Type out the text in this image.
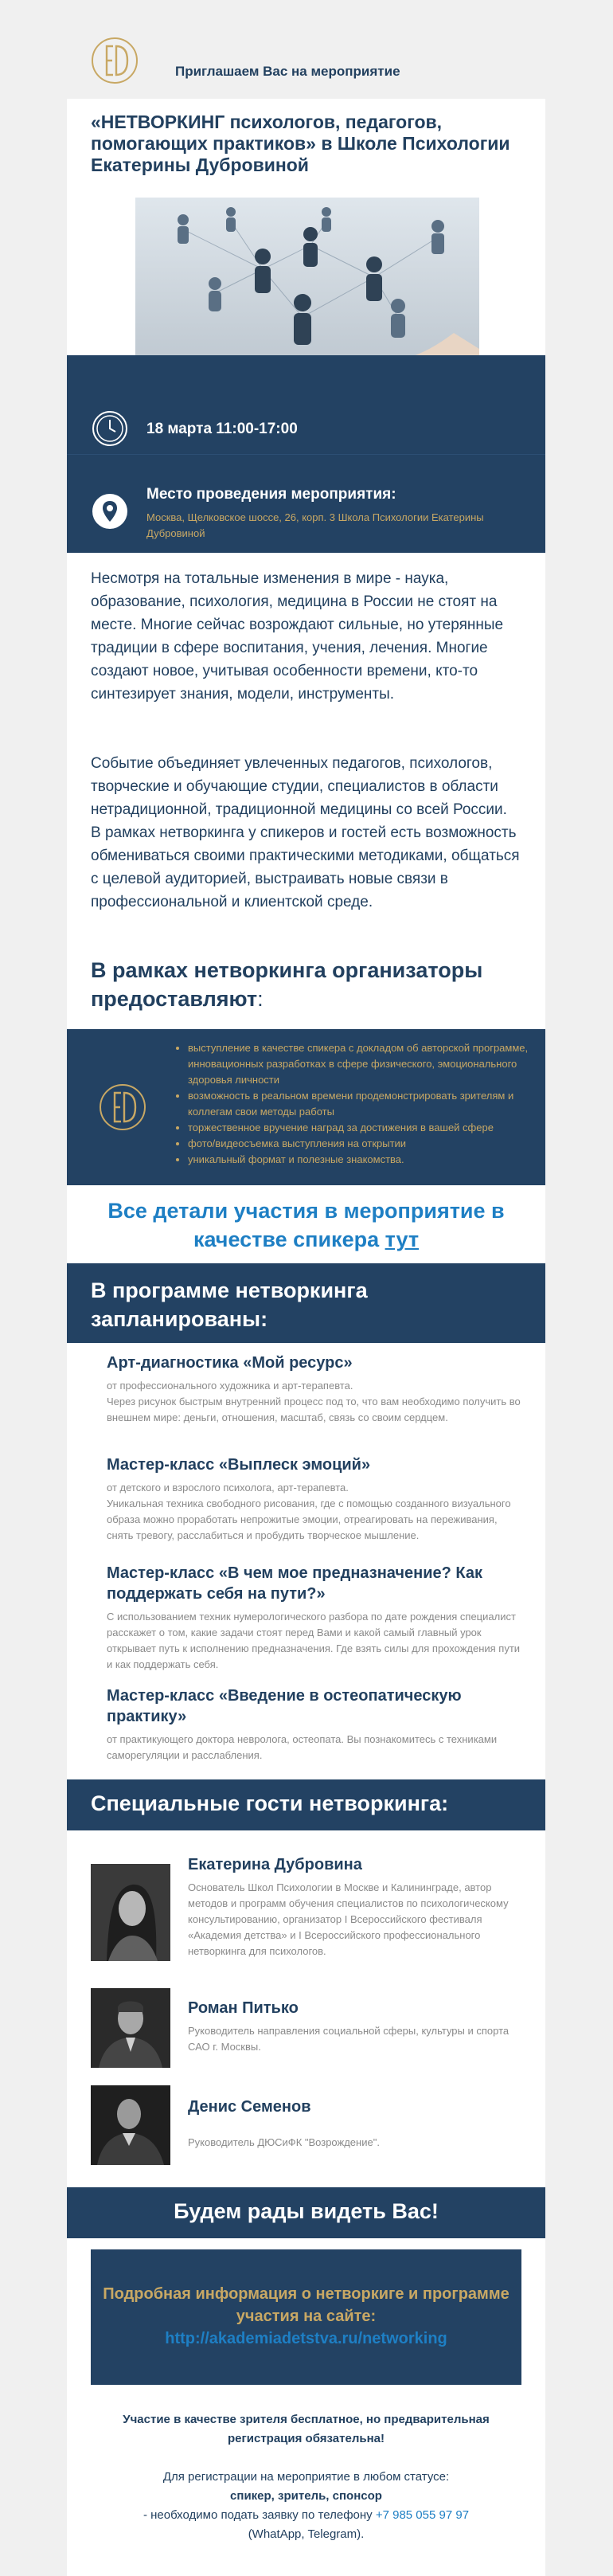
Приглашаем Вас на мероприятие
«НЕТВОРКИНГ психологов, педагогов, помогающих практиков» в Школе Психологии Екатерины Дубровиной
18 марта 11:00-17:00
Место проведения мероприятия:
Москва, Щелковское шоссе, 26, корп. 3 Школа Психологии Екатерины Дубровиной
Несмотря на тотальные изменения в мире - наука, образование, психология, медицина в России не стоят на месте. Многие сейчас возрождают сильные, но утерянные традиции в сфере воспитания, учения, лечения. Многие создают новое, учитывая особенности времени, кто-то синтезирует знания, модели, инструменты.
Событие объединяет увлеченных педагогов, психологов, творческие и обучающие студии, специалистов в области нетрадиционной, традиционной медицины со всей России. В рамках нетворкинга у спикеров и гостей есть возможность обмениваться своими практическими методиками, общаться с целевой аудиторией, выстраивать новые связи в профессиональной и клиентской среде.
В рамках нетворкинга организаторы предоставляют:
• выступление в качестве спикера с докладом об авторской программе, инновационных разработках в сфере физического, эмоционального здоровья личности
• возможность в реальном времени продемонстрировать зрителям и коллегам свои методы работы
• торжественное вручение наград за достижения в вашей сфере
• фото/видеосъемка выступления на открытии
• уникальный формат и полезные знакомства.
Все детали участия в мероприятие в качестве спикера тут
В программе нетворкинга запланированы:
Арт-диагностика «Мой ресурс»
от профессионального художника и арт-терапевта.
Через рисунок быстрым внутренний процесс под то, что вам необходимо получить во внешнем мире: деньги, отношения, масштаб, связь со своим сердцем.
Мастер-класс «Выплеск эмоций»
от детского и взрослого психолога, арт-терапевта.
Уникальная техника свободного рисования, где с помощью созданного визуального образа можно проработать непрожитые эмоции, отреагировать на переживания, снять тревогу, расслабиться и пробудить творческое мышление.
Мастер-класс «В чем мое предназначение? Как поддержать себя на пути?»
С использованием техник нумерологического разбора по дате рождения специалист расскажет о том, какие задачи стоят перед Вами и какой самый главный урок открывает путь к исполнению предназначения. Где взять силы для прохождения пути и как поддержать себя.
Мастер-класс «Введение в остеопатическую практику»
от практикующего доктора невролога, остеопата. Вы познакомитесь с техниками саморегуляции и расслабления.
Специальные гости нетворкинга:
Екатерина Дубровина
Основатель Школ Психологии в Москве и Калининграде, автор методов и программ обучения специалистов по психологическому консультированию, организатор I Всероссийского фестиваля «Академия детства» и I Всероссийского профессионального нетворкинга для психологов.
Роман Питько
Руководитель направления социальной сферы, культуры и спорта САО г. Москвы.
Денис Семенов
Руководитель ДЮСиФК "Возрождение".
Будем рады видеть Вас!
Подробная информация о нетворкиге и программе участия на сайте:
http://akademiadetstva.ru/networking
Участие в качестве зрителя бесплатное, но предварительная регистрация обязательна!
Для регистрации на мероприятие в любом статусе:
спикер, зритель, спонсор
- необходимо подать заявку по телефону +7 985 055 97 97
(WhatApp, Telegram).
